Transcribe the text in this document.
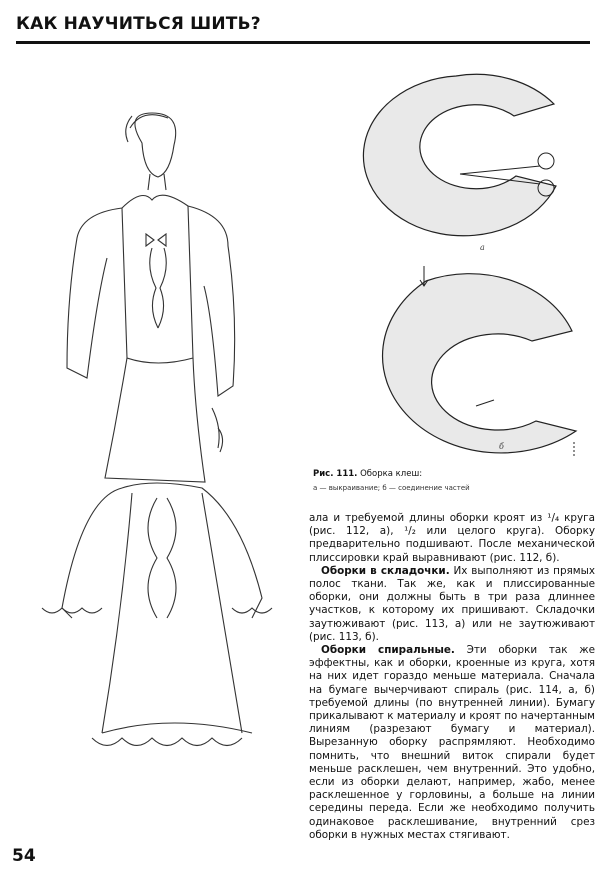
КАК НАУЧИТЬСЯ ШИТЬ?
а
б
Рис. 111. Оборка клеш:
а — выкраивание; б — соединение частей

ала и требуемой длины оборки кроят из ¹/₄ круга (рис. 112, а), ¹/₂ или целого круга). Оборку предварительно подшивают. После механической плиссировки край выравнивают (рис. 112, б).

Оборки в складочки. Их выполняют из прямых полос ткани. Так же, как и плиссированные оборки, они должны быть в три раза длиннее участков, к которому их пришивают. Складочки заутюживают (рис. 113, а) или не заутюживают (рис. 113, б).

Оборки спиральные. Эти оборки так же эффектны, как и оборки, кроенные из круга, хотя на них идет гораздо меньше материала. Сначала на бумаге вычерчивают спираль (рис. 114, а, б) требуемой длины (по внутренней линии). Бумагу прикалывают к материалу и кроят по начертанным линиям (разрезают бумагу и материал). Вырезанную оборку распрямляют. Необходимо помнить, что внешний виток спирали будет меньше расклешен, чем внутренний. Это удобно, если из оборки делают, например, жабо, менее расклешенное у горловины, а больше на линии середины переда. Если же необходимо получить одинаковое расклешивание, внутренний срез оборки в нужных местах стягивают.

54
